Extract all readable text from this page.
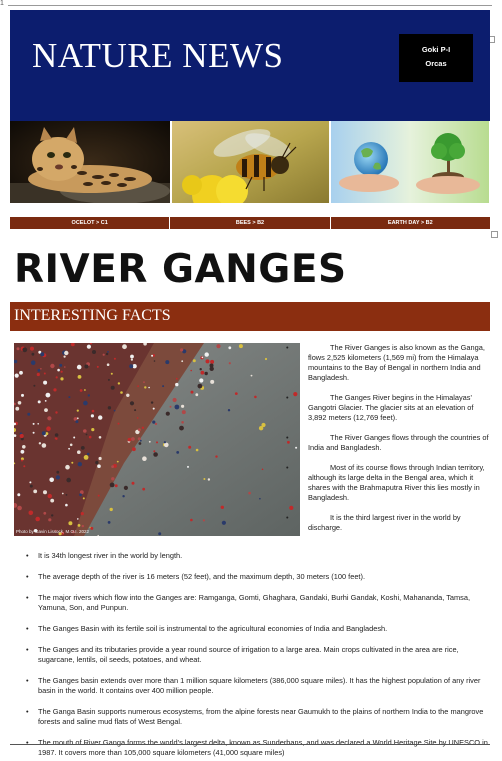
1
NATURE NEWS	Goki P-I
Orcas
OCELOT > C1	BEES > B2	EARTH DAY > B2
RIVER GANGES
INTERESTING FACTS
Photo by Gavin Lissock, M.O.I. 2022
• The River Ganges is also known as the Ganga, flows 2,525 kilometers (1,569 mi) from the Himalaya mountains to the Bay of Bengal in northern India and Bangladesh.
• The Ganges River begins in the Himalayas' Gangotri Glacier. The glacier sits at an elevation of 3,892 meters (12,769 feet).
• The River Ganges flows through the countries of India and Bangladesh.
• Most of its course flows through Indian territory, although its large delta in the Bengal area, which it shares with the Brahmaputra River this lies mostly in Bangladesh.
• It is the third largest river in the world by discharge.
• It is 34th longest river in the world by length.
• The average depth of the river is 16 meters (52 feet), and the maximum depth, 30 meters (100 feet).
• The major rivers which flow into the Ganges are: Ramganga, Gomti, Ghaghara, Gandaki, Burhi Gandak, Koshi, Mahananda, Tamsa, Yamuna, Son, and Punpun.
• The Ganges Basin with its fertile soil is instrumental to the agricultural economies of India and Bangladesh.
• The Ganges and its tributaries provide a year round source of irrigation to a large area. Main crops cultivated in the area are rice, sugarcane, lentils, oil seeds, potatoes, and wheat.
• The Ganges basin extends over more than 1 million square kilometers (386,000 square miles). It has the highest population of any river basin in the world. It contains over 400 million people.
• The Ganga Basin supports numerous ecosystems, from the alpine forests near Gaumukh to the plains of northern India to the mangrove forests and saline mud flats of West Bengal.
• The mouth of River Ganga forms the world's largest delta, known as Sunderbans, and was declared a World Heritage Site by UNESCO in 1987. It covers more than 105,000 square kilometers (41,000 square miles)
